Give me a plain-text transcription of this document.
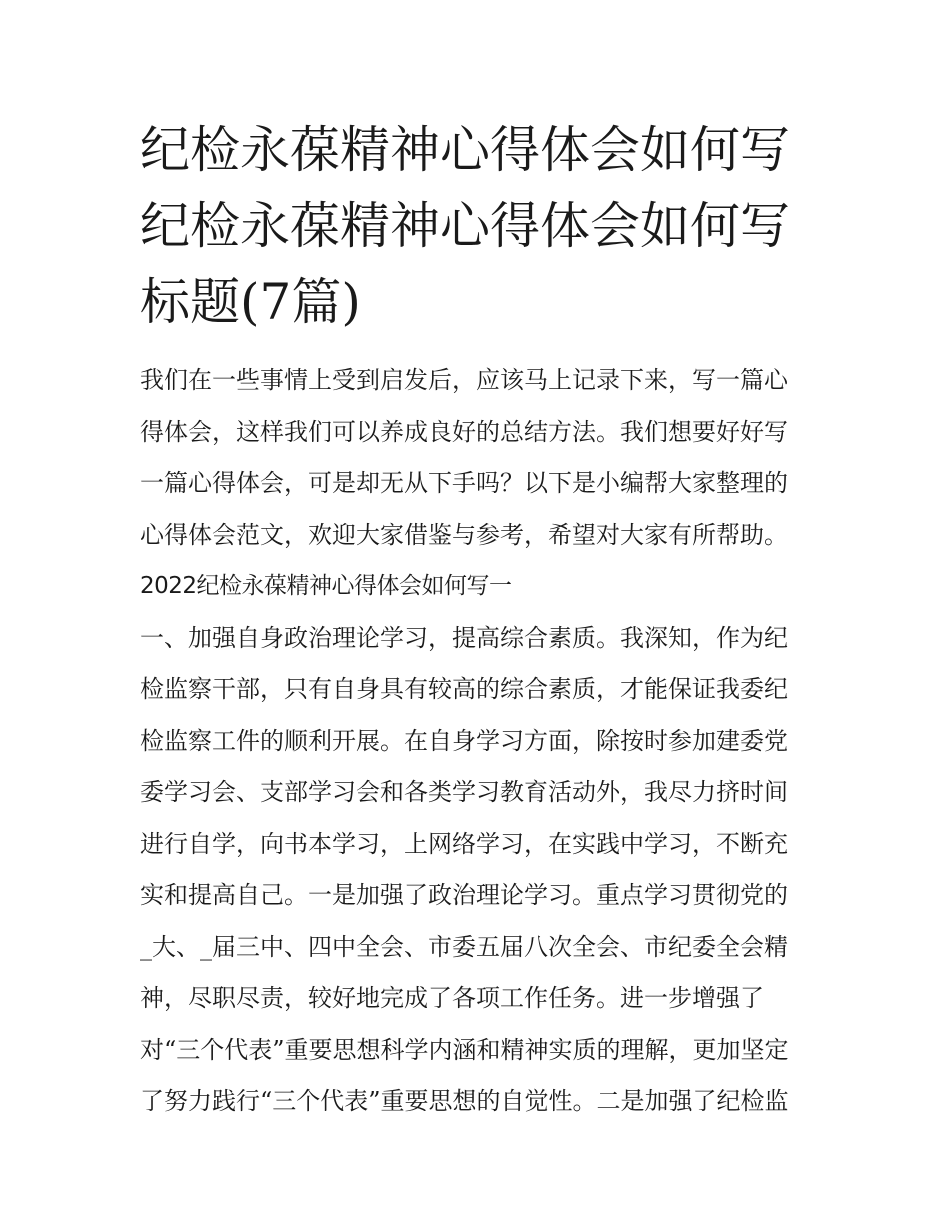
纪检永葆精神心得体会如何写
纪检永葆精神心得体会如何写
标题(7篇)
我们在一些事情上受到启发后，应该马上记录下来，写一篇心
得体会，这样我们可以养成良好的总结方法。我们想要好好写
一篇心得体会，可是却无从下手吗？以下是小编帮大家整理的
心得体会范文，欢迎大家借鉴与参考，希望对大家有所帮助。
2022纪检永葆精神心得体会如何写一
一、加强自身政治理论学习，提高综合素质。我深知，作为纪
检监察干部，只有自身具有较高的综合素质，才能保证我委纪
检监察工件的顺利开展。在自身学习方面，除按时参加建委党
委学习会、支部学习会和各类学习教育活动外，我尽力挤时间
进行自学，向书本学习，上网络学习，在实践中学习，不断充
实和提高自己。一是加强了政治理论学习。重点学习贯彻党的
_大、_届三中、四中全会、市委五届八次全会、市纪委全会精
神，尽职尽责，较好地完成了各项工作任务。进一步增强了
对“三个代表”重要思想科学内涵和精神实质的理解，更加坚定
了努力践行“三个代表”重要思想的自觉性。二是加强了纪检监
